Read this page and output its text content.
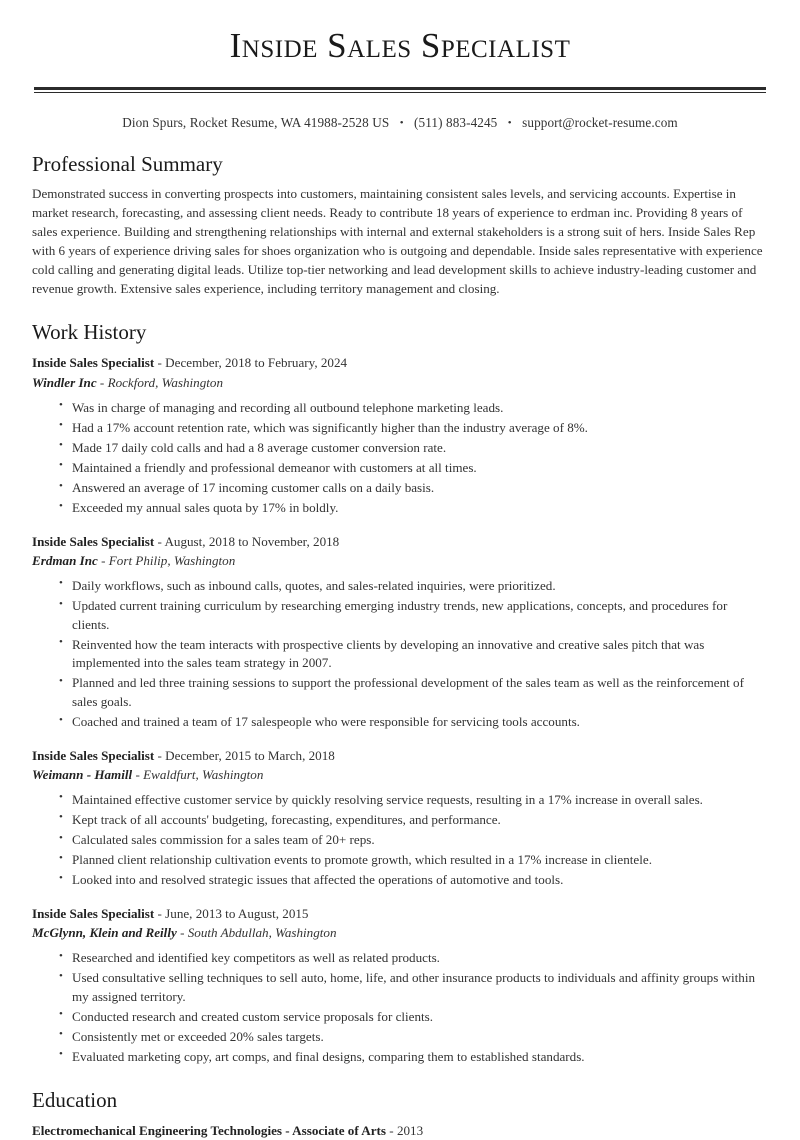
Inside Sales Specialist
Dion Spurs, Rocket Resume, WA 41988-2528 US • (511) 883-4245 • support@rocket-resume.com
Professional Summary

Demonstrated success in converting prospects into customers, maintaining consistent sales levels, and servicing accounts. Expertise in market research, forecasting, and assessing client needs. Ready to contribute 18 years of experience to erdman inc. Providing 8 years of sales experience. Building and strengthening relationships with internal and external stakeholders is a strong suit of hers. Inside Sales Rep with 6 years of experience driving sales for shoes organization who is outgoing and dependable. Inside sales representative with experience cold calling and generating digital leads. Utilize top-tier networking and lead development skills to achieve industry-leading customer and revenue growth. Extensive sales experience, including territory management and closing.

Work History
Inside Sales Specialist - December, 2018 to February, 2024
Windler Inc - Rockford, Washington
• Was in charge of managing and recording all outbound telephone marketing leads.
• Had a 17% account retention rate, which was significantly higher than the industry average of 8%.
• Made 17 daily cold calls and had a 8 average customer conversion rate.
• Maintained a friendly and professional demeanor with customers at all times.
• Answered an average of 17 incoming customer calls on a daily basis.
• Exceeded my annual sales quota by 17% in boldly.
Inside Sales Specialist - August, 2018 to November, 2018
Erdman Inc - Fort Philip, Washington
• Daily workflows, such as inbound calls, quotes, and sales-related inquiries, were prioritized.
• Updated current training curriculum by researching emerging industry trends, new applications, concepts, and procedures for clients.
• Reinvented how the team interacts with prospective clients by developing an innovative and creative sales pitch that was implemented into the sales team strategy in 2007.
• Planned and led three training sessions to support the professional development of the sales team as well as the reinforcement of sales goals.
• Coached and trained a team of 17 salespeople who were responsible for servicing tools accounts.
Inside Sales Specialist - December, 2015 to March, 2018
Weimann - Hamill - Ewaldfurt, Washington
• Maintained effective customer service by quickly resolving service requests, resulting in a 17% increase in overall sales.
• Kept track of all accounts' budgeting, forecasting, expenditures, and performance.
• Calculated sales commission for a sales team of 20+ reps.
• Planned client relationship cultivation events to promote growth, which resulted in a 17% increase in clientele.
• Looked into and resolved strategic issues that affected the operations of automotive and tools.
Inside Sales Specialist - June, 2013 to August, 2015
McGlynn, Klein and Reilly - South Abdullah, Washington
• Researched and identified key competitors as well as related products.
• Used consultative selling techniques to sell auto, home, life, and other insurance products to individuals and affinity groups within my assigned territory.
• Conducted research and created custom service proposals for clients.
• Consistently met or exceeded 20% sales targets.
• Evaluated marketing copy, art comps, and final designs, comparing them to established standards.
Education
Electromechanical Engineering Technologies - Associate of Arts - 2013
